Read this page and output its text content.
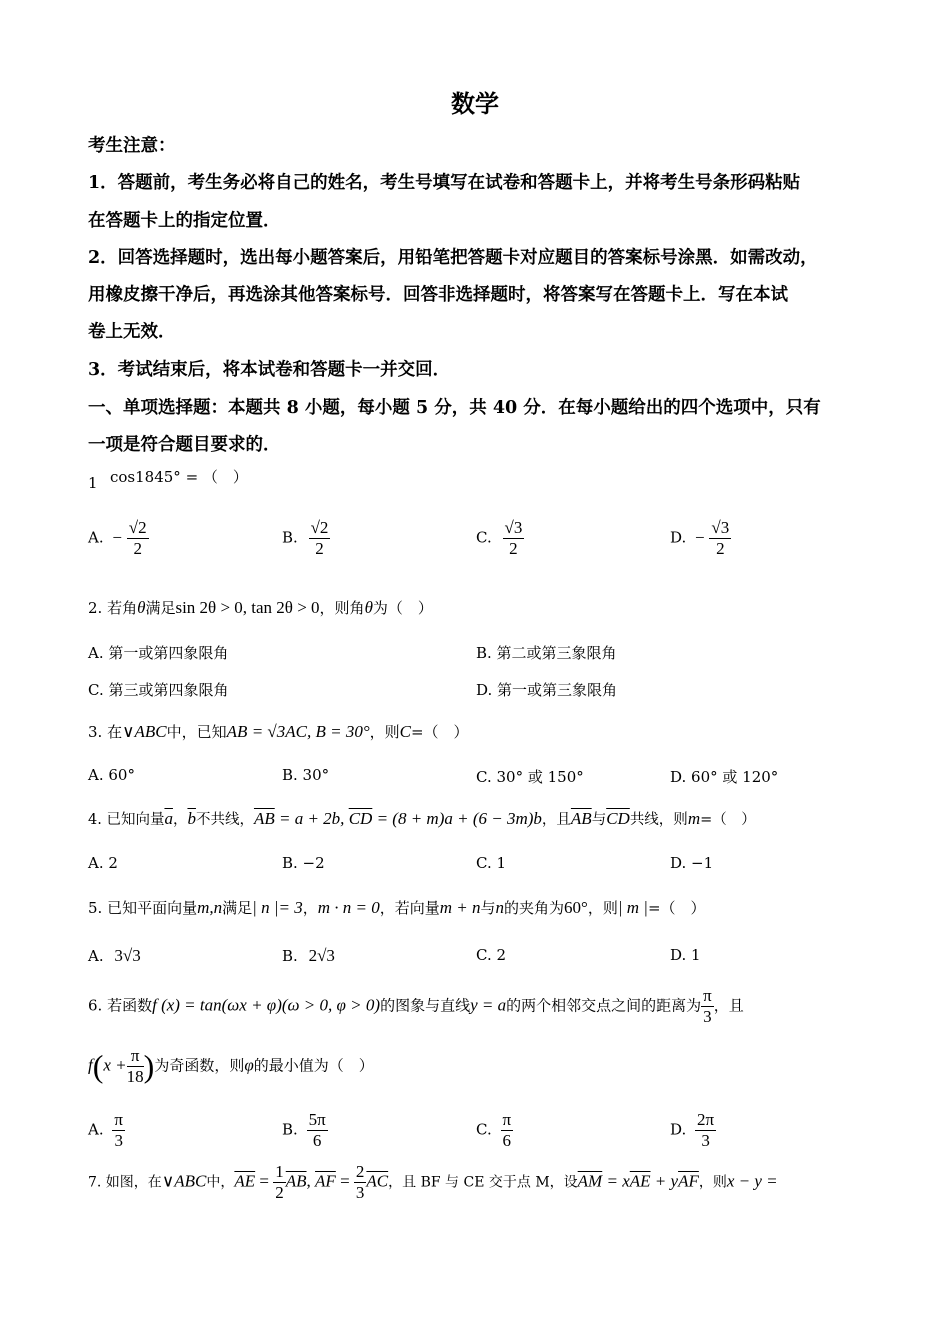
数学
考生注意：
1．答题前，考生务必将自己的姓名，考生号填写在试卷和答题卡上，并将考生号条形码粘贴
在答题卡上的指定位置．
2．回答选择题时，选出每小题答案后，用铅笔把答题卡对应题目的答案标号涂黑．如需改动，
用橡皮擦干净后，再选涂其他答案标号．回答非选择题时，将答案写在答题卡上．写在本试
卷上无效．
3．考试结束后，将本试卷和答题卡一并交回．
一、单项选择题：本题共 8 小题，每小题 5 分，共 40 分．在每小题给出的四个选项中，只有
一项是符合题目要求的．
1 cos1845° = （　）
A. − $\frac{√2}{2}$	B. $\frac{√2}{2}$	C. $\frac{√3}{2}$	D. − $\frac{√3}{2}$
2. 若角θ满足sin 2θ > 0, tan 2θ > 0，则角θ为（　）
A. 第一或第四象限角	B. 第二或第三象限角
C. 第三或第四象限角	D. 第一或第三象限角
3. 在∨ABC中，已知AB = √3AC, B = 30°，则C=（　）
A. 60°	B. 30°	C. 30° 或 150°	D. 60° 或 120°
4. 已知向量$\overline{a}$，$\overline{b}$不共线，$\overline{AB} = a + 2b$, $\overline{CD} = (8 + m)a + (6 - 3m)b$，且$\overline{AB}$与$\overline{CD}$共线，则m=（　）
A. 2	B. −2	C. 1	D. −1
5. 已知平面向量m,n满足| n |= 3，m · n = 0，若向量m + n与n的夹角为60°，则| m |=（　）
A. 3√3	B. 2√3	C. 2	D. 1
6. 若函数f (x) = tan(ωx + φ)(ω > 0, φ > 0)的图象与直线y = a的两个相邻交点之间的距离为 $\frac{\pi}{3}$ ，且
$f(x + \frac{\pi}{18}$ )为奇函数，则φ的最小值为（　）
A. $\frac{\pi}{3}$	B. $\frac{5\pi}{6}$	C. $\frac{\pi}{6}$	D. $\frac{2\pi}{3}$
7. 如图，在∨ABC中，$\overline{AE} = \frac{1}{2} \overline{AB}$, $\overline{AF} = \frac{2}{3} \overline{AC}$，且 BF 与 CE 交于点 M，设$\overline{AM} = x\overline{AE} + y\overline{AF}$，则x − y =
